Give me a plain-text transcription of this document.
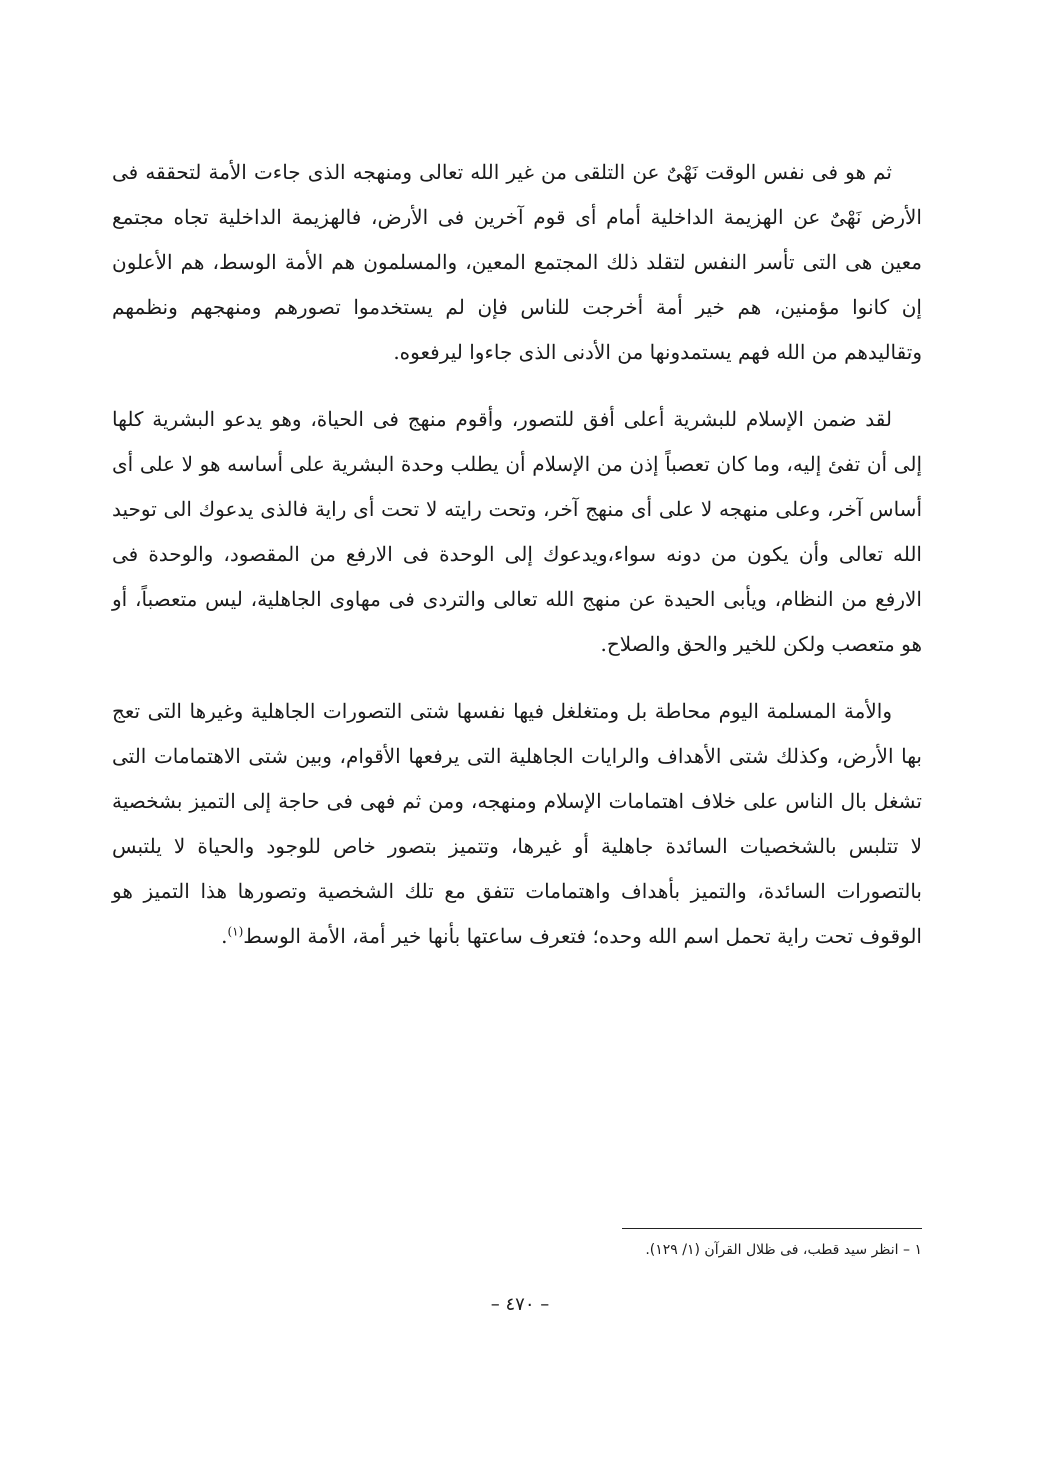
ثم هو فى نفس الوقت نَهْىٌ عن التلقى من غير الله تعالى ومنهجه الذى جاءت الأمة لتحققه فى الأرض نَهْىٌ عن الهزيمة الداخلية أمام أى قوم آخرين فى الأرض، فالهزيمة الداخلية تجاه مجتمع معين هى التى تأسر النفس لتقلد ذلك المجتمع المعين، والمسلمون هم الأمة الوسط، هم الأعلون إن كانوا مؤمنين، هم خير أمة أخرجت للناس فإن لم يستخدموا تصورهم ومنهجهم ونظمهم وتقاليدهم من الله فهم يستمدونها من الأدنى الذى جاءوا ليرفعوه.

لقد ضمن الإسلام للبشرية أعلى أفق للتصور، وأقوم منهج فى الحياة، وهو يدعو البشرية كلها إلى أن تفئ إليه، وما كان تعصباً إذن من الإسلام أن يطلب وحدة البشرية على أساسه هو لا على أى أساس آخر، وعلى منهجه لا على أى منهج آخر، وتحت رايته لا تحت أى راية فالذى يدعوك الى توحيد الله تعالى وأن يكون من دونه سواء،ويدعوك إلى الوحدة فى الارفع من المقصود، والوحدة فى الارفع من النظام، ويأبى الحيدة عن منهج الله تعالى والتردى فى مهاوى الجاهلية، ليس متعصباً، أو هو متعصب ولكن للخير والحق والصلاح.

والأمة المسلمة اليوم محاطة بل ومتغلغل فيها نفسها شتى التصورات الجاهلية وغيرها التى تعج بها الأرض، وكذلك شتى الأهداف والرايات الجاهلية التى يرفعها الأقوام، وبين شتى الاهتمامات التى تشغل بال الناس على خلاف اهتمامات الإسلام ومنهجه، ومن ثم فهى فى حاجة إلى التميز بشخصية لا تتلبس بالشخصيات السائدة جاهلية أو غيرها، وتتميز بتصور خاص للوجود والحياة لا يلتبس بالتصورات السائدة، والتميز بأهداف واهتمامات تتفق مع تلك الشخصية وتصورها هذا التميز هو الوقوف تحت راية تحمل اسم الله وحده؛ فتعرف ساعتها بأنها خير أمة، الأمة الوسط$^{(١)}$.

١ – انظر سيد قطب، فى ظلال القرآن (١/ ١٢٩).
– ٤٧٠ –
